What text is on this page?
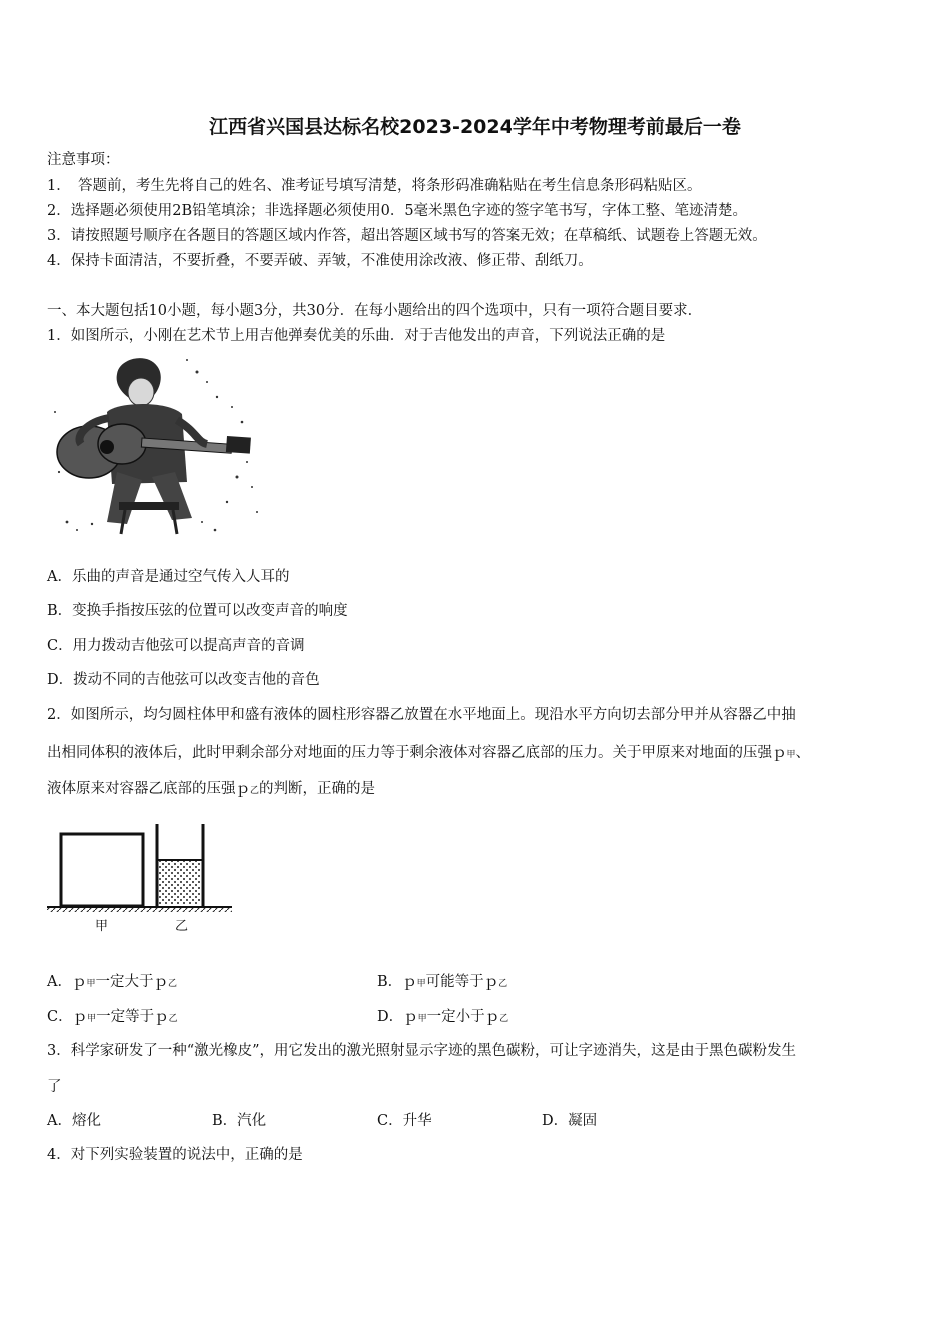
江西省兴国县达标名校2023-2024学年中考物理考前最后一卷
注意事项：
1．　答题前，考生先将自己的姓名、准考证号填写清楚，将条形码准确粘贴在考生信息条形码粘贴区。
2．选择题必须使用2B铅笔填涂；非选择题必须使用0．5毫米黑色字迹的签字笔书写，字体工整、笔迹清楚。
3．请按照题号顺序在各题目的答题区域内作答，超出答题区域书写的答案无效；在草稿纸、试题卷上答题无效。
4．保持卡面清洁，不要折叠，不要弄破、弄皱，不准使用涂改液、修正带、刮纸刀。
一、本大题包括10小题，每小题3分，共30分．在每小题给出的四个选项中，只有一项符合题目要求．
1．如图所示，小刚在艺术节上用吉他弹奏优美的乐曲．对于吉他发出的声音，下列说法正确的是
A．乐曲的声音是通过空气传入人耳的
B．变换手指按压弦的位置可以改变声音的响度
C．用力拨动吉他弦可以提高声音的音调
D．拨动不同的吉他弦可以改变吉他的音色
2．如图所示，均匀圆柱体甲和盛有液体的圆柱形容器乙放置在水平地面上。现沿水平方向切去部分甲并从容器乙中抽
出相同体积的液体后，此时甲剩余部分对地面的压力等于剩余液体对容器乙底部的压力。关于甲原来对地面的压强ｐ甲、
液体原来对容器乙底部的压强ｐ乙的判断，正确的是
甲	乙
A．ｐ甲一定大于ｐ乙	B．ｐ甲可能等于ｐ乙
C．ｐ甲一定等于ｐ乙	D．ｐ甲一定小于ｐ乙
3．科学家研发了一种“激光橡皮”，用它发出的激光照射显示字迹的黑色碳粉，可让字迹消失，这是由于黑色碳粉发生
了
A．熔化	B．汽化	C．升华	D．凝固
4．对下列实验装置的说法中，正确的是
